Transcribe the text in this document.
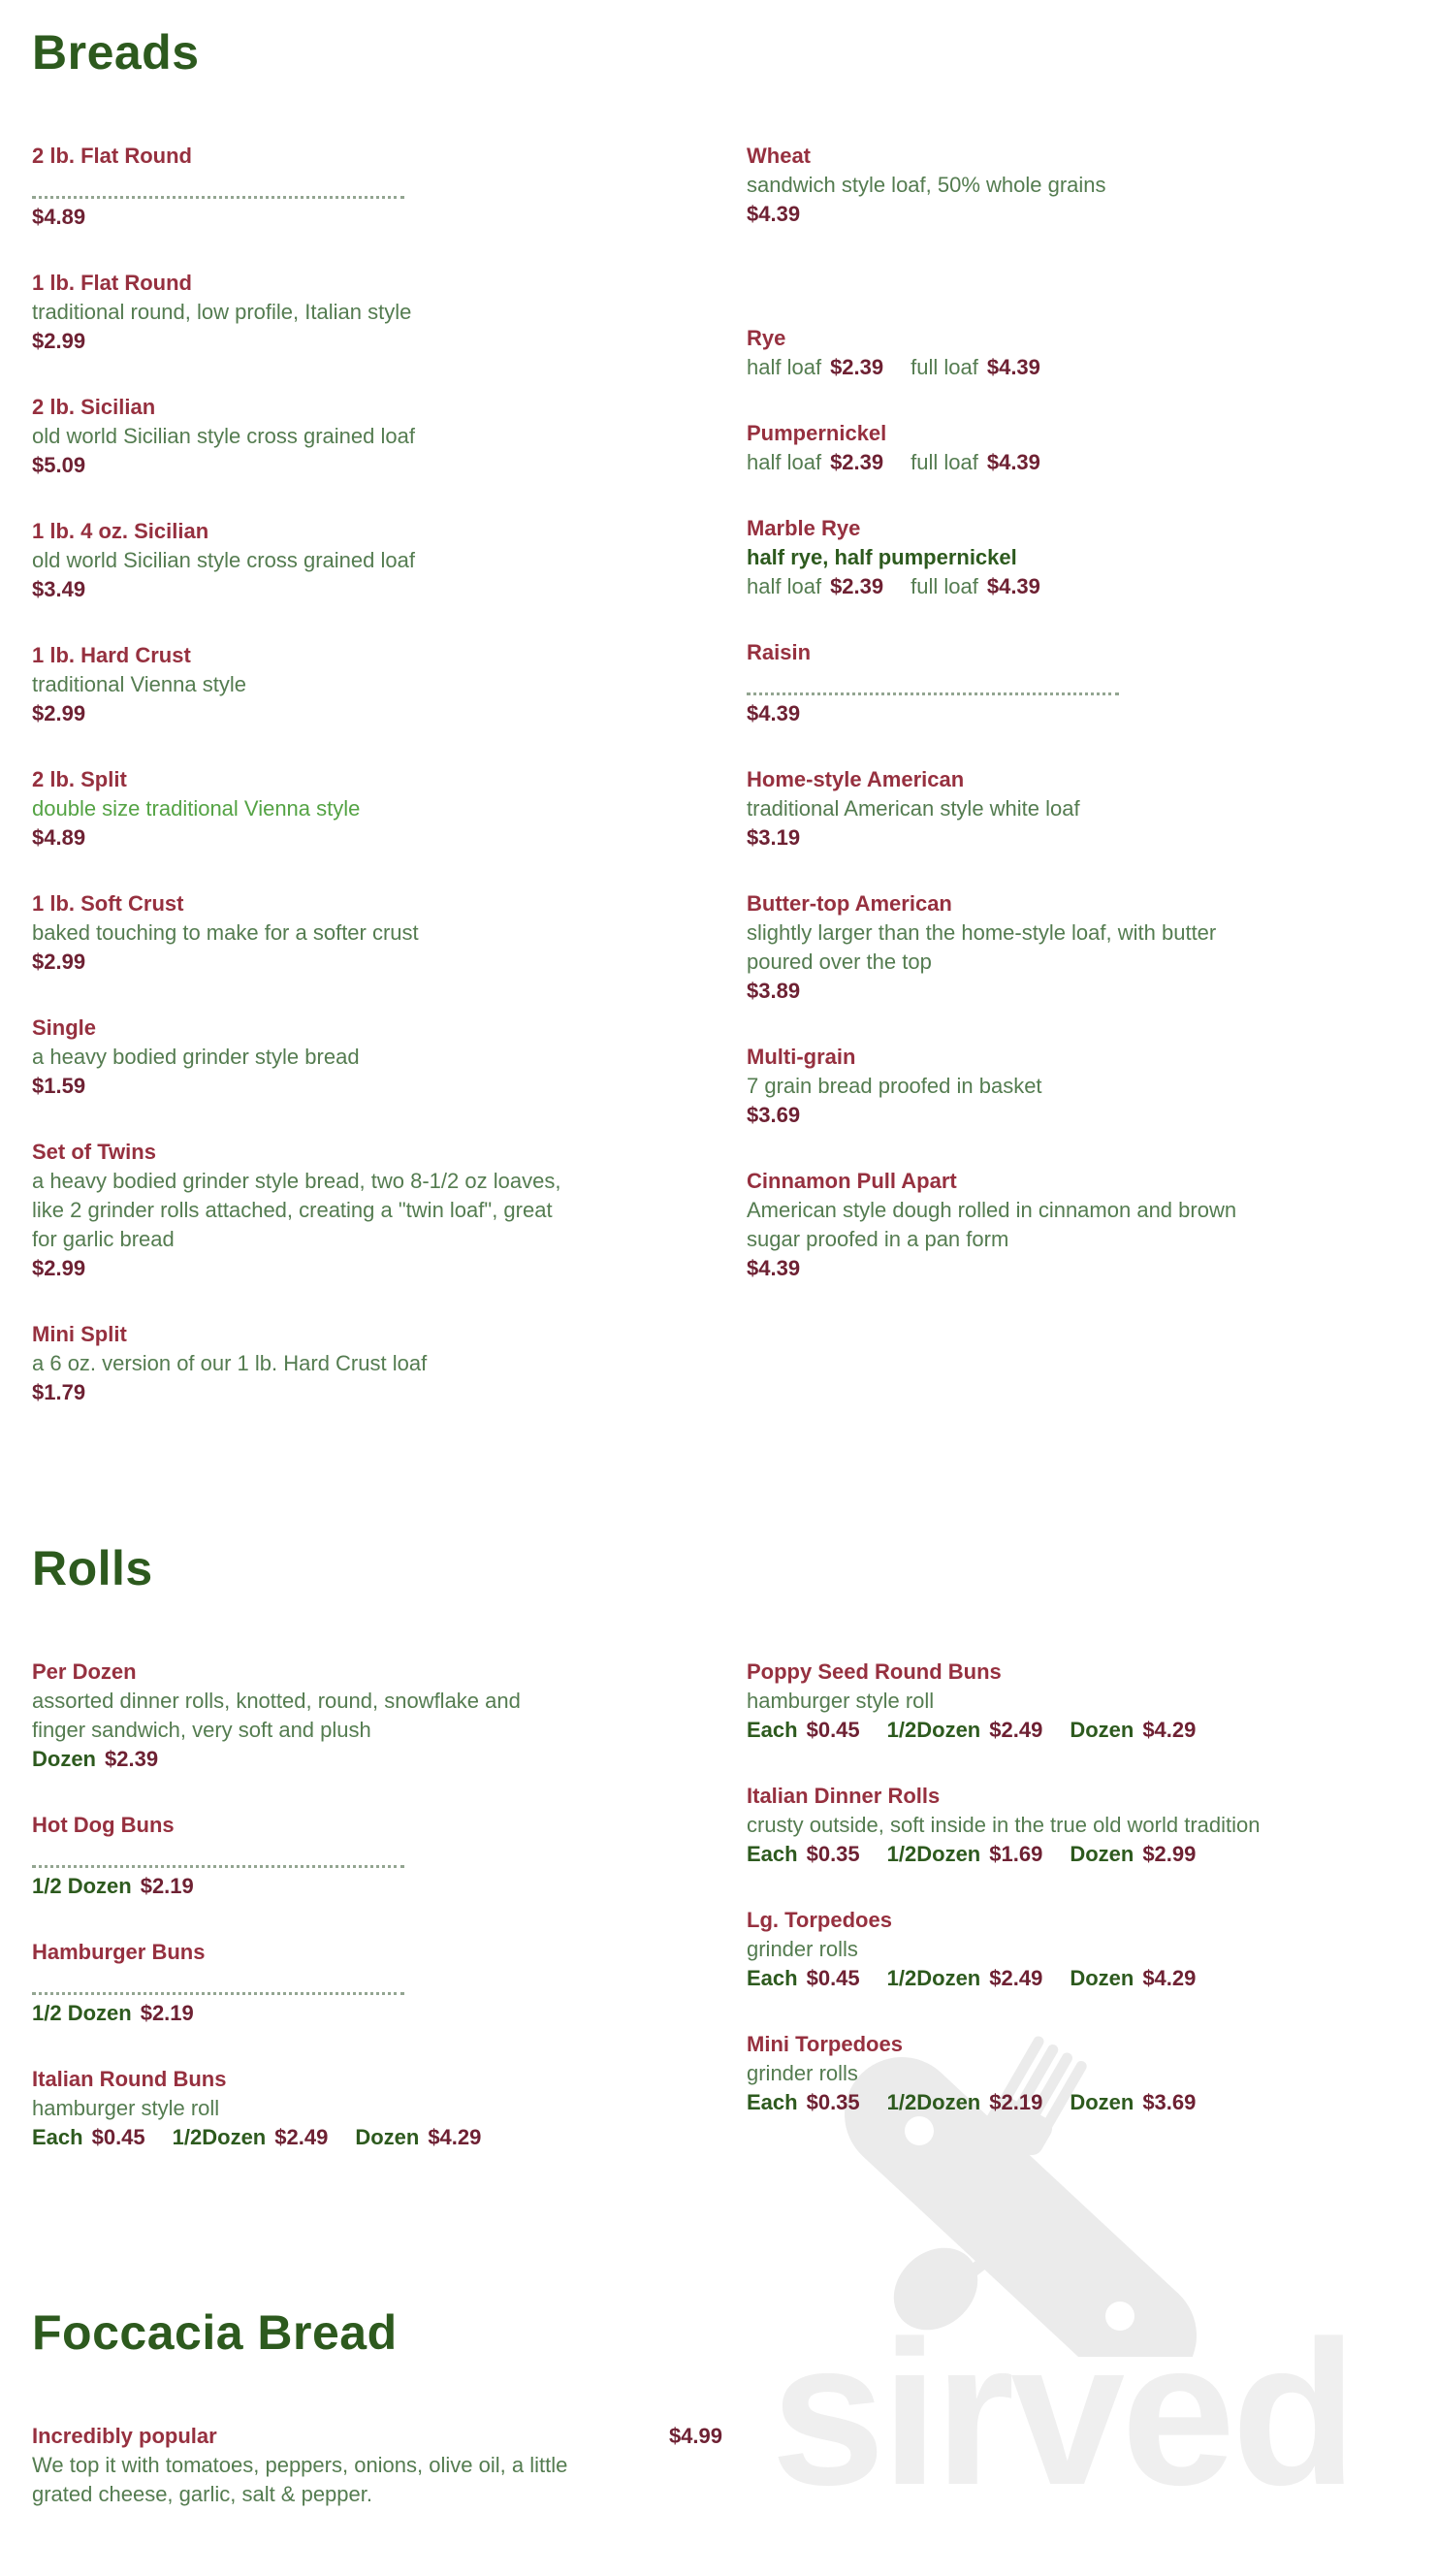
sirved
Breads
2 lb. Flat Round
$4.89
1 lb. Flat Round
traditional round, low profile, Italian style
$2.99
2 lb. Sicilian
old world Sicilian style cross grained loaf
$5.09
1 lb. 4 oz. Sicilian
old world Sicilian style cross grained loaf
$3.49
1 lb. Hard Crust
traditional Vienna style
$2.99
2 lb. Split
double size traditional Vienna style
$4.89
1 lb. Soft Crust
baked touching to make for a softer crust
$2.99
Single
a heavy bodied grinder style bread
$1.59
Set of Twins
a heavy bodied grinder style bread, two 8-1/2 oz loaves,
like 2 grinder rolls attached, creating a "twin loaf", great
for garlic bread
$2.99
Mini Split
a 6 oz. version of our 1 lb. Hard Crust loaf
$1.79
Wheat
sandwich style loaf, 50% whole grains
$4.39
Rye
half loaf $2.39 full loaf $4.39
Pumpernickel
half loaf $2.39 full loaf $4.39
Marble Rye
half rye, half pumpernickel
half loaf $2.39 full loaf $4.39
Raisin
$4.39
Home-style American
traditional American style white loaf
$3.19
Butter-top American
slightly larger than the home-style loaf, with butter
poured over the top
$3.89
Multi-grain
7 grain bread proofed in basket
$3.69
Cinnamon Pull Apart
American style dough rolled in cinnamon and brown
sugar proofed in a pan form
$4.39
Rolls
Per Dozen
assorted dinner rolls, knotted, round, snowflake and
finger sandwich, very soft and plush
Dozen $2.39
Hot Dog Buns
1/2 Dozen $2.19
Hamburger Buns
1/2 Dozen $2.19
Italian Round Buns
hamburger style roll
Each $0.45 1/2Dozen $2.49 Dozen $4.29
Poppy Seed Round Buns
hamburger style roll
Each $0.45 1/2Dozen $2.49 Dozen $4.29
Italian Dinner Rolls
crusty outside, soft inside in the true old world tradition
Each $0.35 1/2Dozen $1.69 Dozen $2.99
Lg. Torpedoes
grinder rolls
Each $0.45 1/2Dozen $2.49 Dozen $4.29
Mini Torpedoes
grinder rolls
Each $0.35 1/2Dozen $2.19 Dozen $3.69
Foccacia Bread
Incredibly popular	$4.99
We top it with tomatoes, peppers, onions, olive oil, a little
grated cheese, garlic, salt & pepper.
